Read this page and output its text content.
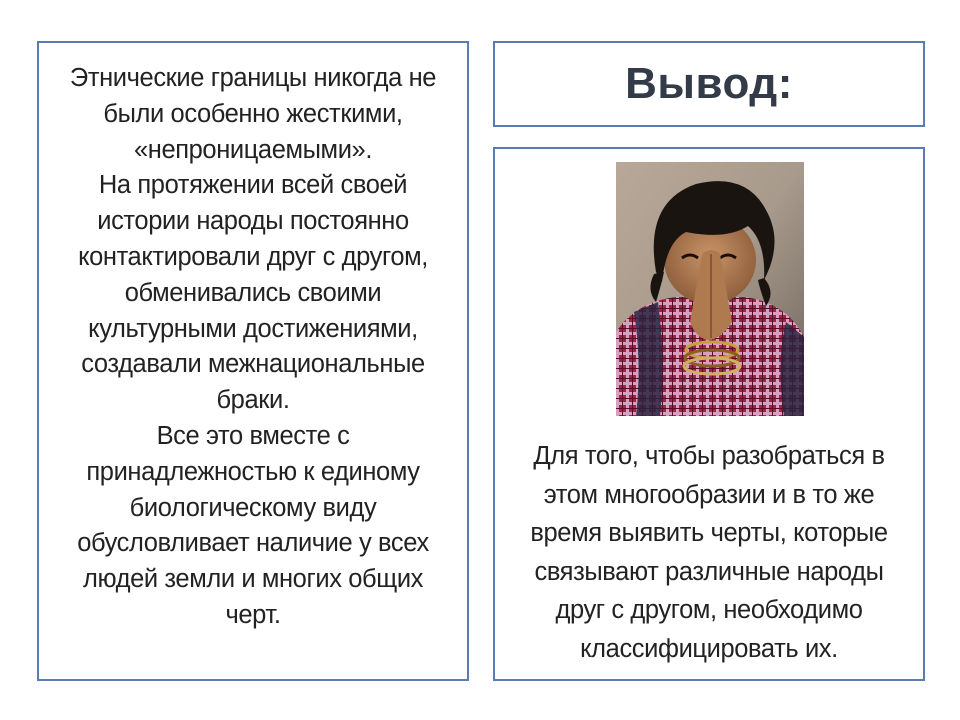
Этнические границы никогда не были особенно жесткими, «непроницаемыми».

На протяжении всей своей истории народы постоянно контактировали друг с другом, обменивались своими культурными достижениями, создавали межнациональные браки.

Все это вместе с принадлежностью к единому биологическому виду обусловливает наличие у всех людей земли и многих общих черт.

Вывод:
Для того, чтобы разобраться в этом многообразии и в то же время выявить черты, которые связывают различные народы друг с другом, необходимо классифицировать их.
